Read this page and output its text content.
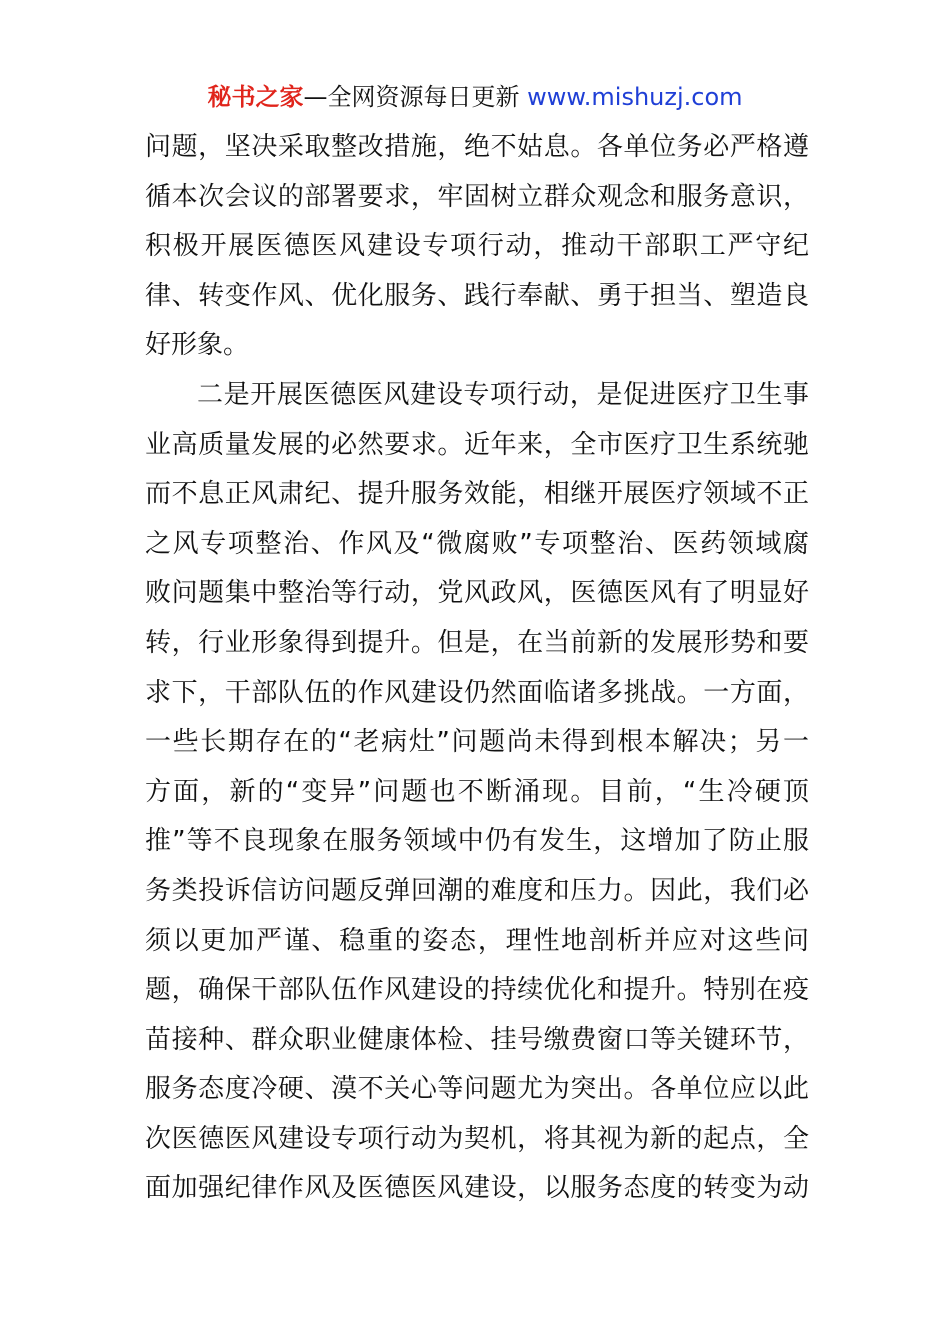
秘书之家—全网资源每日更新 www.mishuzj.com
问题，坚决采取整改措施，绝不姑息。各单位务必严格遵
循本次会议的部署要求，牢固树立群众观念和服务意识，
积极开展医德医风建设专项行动，推动干部职工严守纪
律、转变作风、优化服务、践行奉献、勇于担当、塑造良
好形象。
二是开展医德医风建设专项行动，是促进医疗卫生事
业高质量发展的必然要求。近年来，全市医疗卫生系统驰
而不息正风肃纪、提升服务效能，相继开展医疗领域不正
之风专项整治、作风及“微腐败”专项整治、医药领域腐
败问题集中整治等行动，党风政风，医德医风有了明显好
转，行业形象得到提升。但是，在当前新的发展形势和要
求下，干部队伍的作风建设仍然面临诸多挑战。一方面，
一些长期存在的“老病灶”问题尚未得到根本解决；另一
方面，新的“变异”问题也不断涌现。目前，“生冷硬顶
推”等不良现象在服务领域中仍有发生，这增加了防止服
务类投诉信访问题反弹回潮的难度和压力。因此，我们必
须以更加严谨、稳重的姿态，理性地剖析并应对这些问
题，确保干部队伍作风建设的持续优化和提升。特别在疫
苗接种、群众职业健康体检、挂号缴费窗口等关键环节，
服务态度冷硬、漠不关心等问题尤为突出。各单位应以此
次医德医风建设专项行动为契机，将其视为新的起点，全
面加强纪律作风及医德医风建设，以服务态度的转变为动
